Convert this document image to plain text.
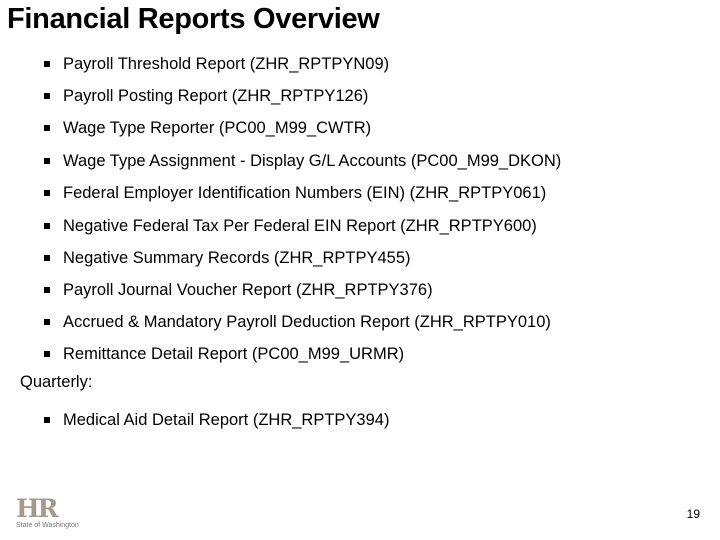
Financial Reports Overview
Payroll Threshold Report (ZHR_RPTPYN09)
Payroll Posting Report (ZHR_RPTPY126)
Wage Type Reporter (PC00_M99_CWTR)
Wage Type Assignment - Display G/L Accounts (PC00_M99_DKON)
Federal Employer Identification Numbers (EIN) (ZHR_RPTPY061)
Negative Federal Tax Per Federal EIN Report (ZHR_RPTPY600)
Negative Summary Records (ZHR_RPTPY455)
Payroll Journal Voucher Report (ZHR_RPTPY376)
Accrued & Mandatory Payroll Deduction Report (ZHR_RPTPY010)
Remittance Detail Report (PC00_M99_URMR)
Quarterly:
Medical Aid Detail Report (ZHR_RPTPY394)
HR
State of Washington
19
